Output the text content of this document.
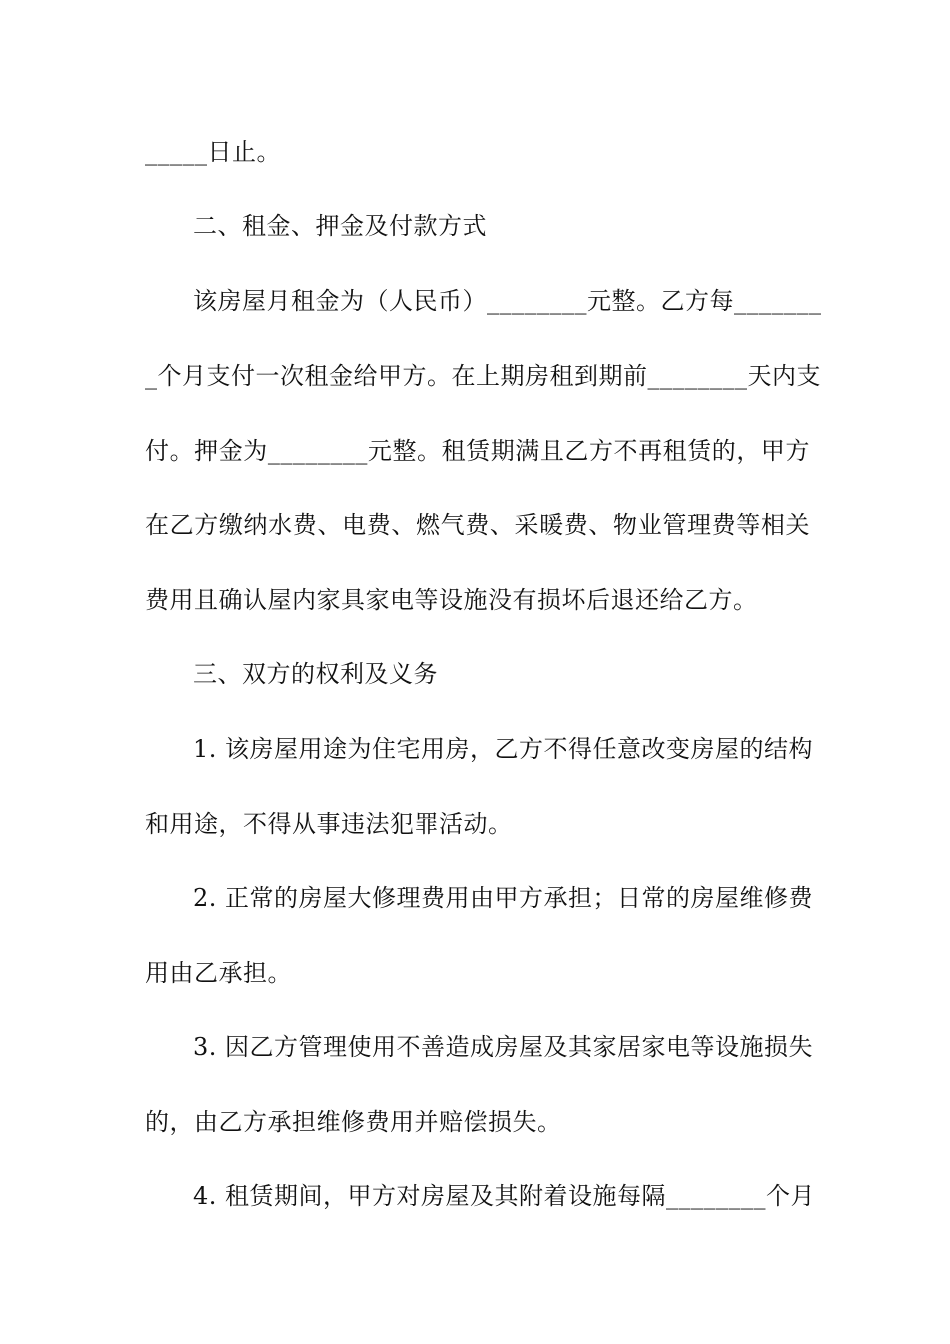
_____日止。
二、租金、押金及付款方式
该房屋月租金为（人民币）________元整。乙方每_______
_个月支付一次租金给甲方。在上期房租到期前________天内支
付。押金为________元整。租赁期满且乙方不再租赁的，甲方
在乙方缴纳水费、电费、燃气费、采暖费、物业管理费等相关
费用且确认屋内家具家电等设施没有损坏后退还给乙方。
三、双方的权利及义务
1. 该房屋用途为住宅用房，乙方不得任意改变房屋的结构
和用途，不得从事违法犯罪活动。
2. 正常的房屋大修理费用由甲方承担；日常的房屋维修费
用由乙承担。
3. 因乙方管理使用不善造成房屋及其家居家电等设施损失
的，由乙方承担维修费用并赔偿损失。
4. 租赁期间，甲方对房屋及其附着设施每隔________个月
